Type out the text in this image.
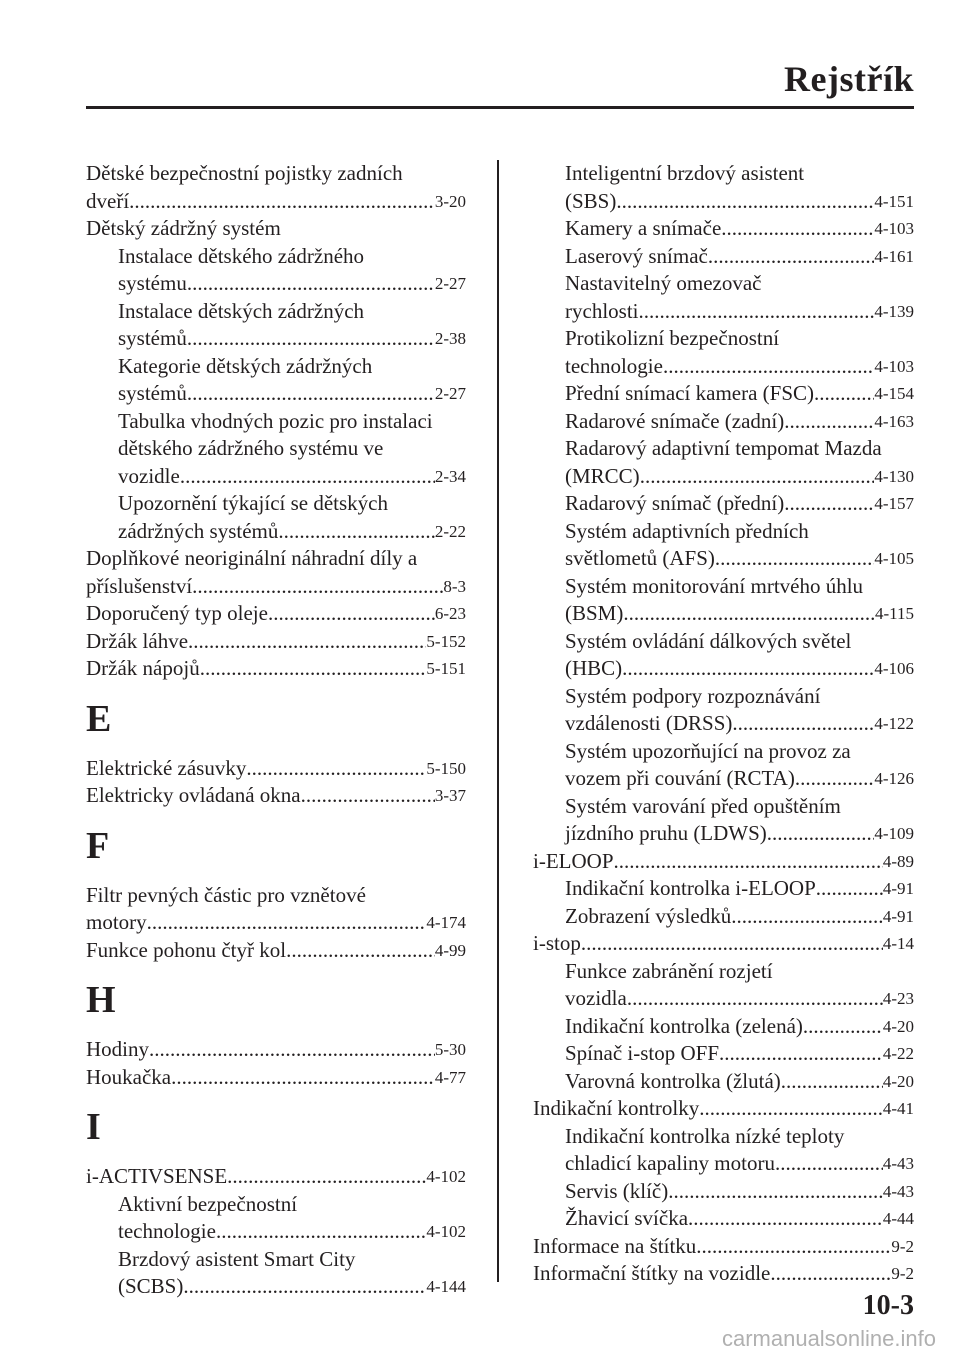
Rejstřík
Dětské bezpečnostní pojistky zadních
dveří .....	3-20
Dětský zádržný systém
Instalace dětského zádržného
systému .....	2-27
Instalace dětských zádržných
systémů .....	2-38
Kategorie dětských zádržných
systémů .....	2-27
Tabulka vhodných pozic pro instalaci
dětského zádržného systému ve
vozidle .....	2-34
Upozornění týkající se dětských
zádržných systémů .....	2-22
Doplňkové neoriginální náhradní díly a
příslušenství .....	8-3
Doporučený typ oleje .....	6-23
Držák láhve .....	5-152
Držák nápojů .....	5-151
E
Elektrické zásuvky .....	5-150
Elektricky ovládaná okna .....	3-37
F
Filtr pevných částic pro vznětové
motory .....	4-174
Funkce pohonu čtyř kol .....	4-99
H
Hodiny .....	5-30
Houkačka .....	4-77
I
i-ACTIVSENSE .....	4-102
Aktivní bezpečnostní
technologie .....	4-102
Brzdový asistent Smart City
(SCBS) .....	4-144
Inteligentní brzdový asistent
(SBS) .....	4-151
Kamery a snímače .....	4-103
Laserový snímač .....	4-161
Nastavitelný omezovač
rychlosti .....	4-139
Protikolizní bezpečnostní
technologie .....	4-103
Přední snímací kamera (FSC) .....	4-154
Radarové snímače (zadní) .....	4-163
Radarový adaptivní tempomat Mazda
(MRCC) .....	4-130
Radarový snímač (přední) .....	4-157
Systém adaptivních předních
světlometů (AFS) .....	4-105
Systém monitorování mrtvého úhlu
(BSM) .....	4-115
Systém ovládání dálkových světel
(HBC) .....	4-106
Systém podpory rozpoznávání
vzdálenosti (DRSS) .....	4-122
Systém upozorňující na provoz za
vozem při couvání (RCTA) .....	4-126
Systém varování před opuštěním
jízdního pruhu (LDWS) .....	4-109
i-ELOOP .....	4-89
Indikační kontrolka i-ELOOP .....	4-91
Zobrazení výsledků .....	4-91
i-stop .....	4-14
Funkce zabránění rozjetí
vozidla .....	4-23
Indikační kontrolka (zelená) .....	4-20
Spínač i-stop OFF .....	4-22
Varovná kontrolka (žlutá) .....	4-20
Indikační kontrolky .....	4-41
Indikační kontrolka nízké teploty
chladicí kapaliny motoru .....	4-43
Servis (klíč) .....	4-43
Žhavicí svíčka .....	4-44
Informace na štítku .....	9-2
Informační štítky na vozidle .....	9-2
10-3
carmanualsonline.info
